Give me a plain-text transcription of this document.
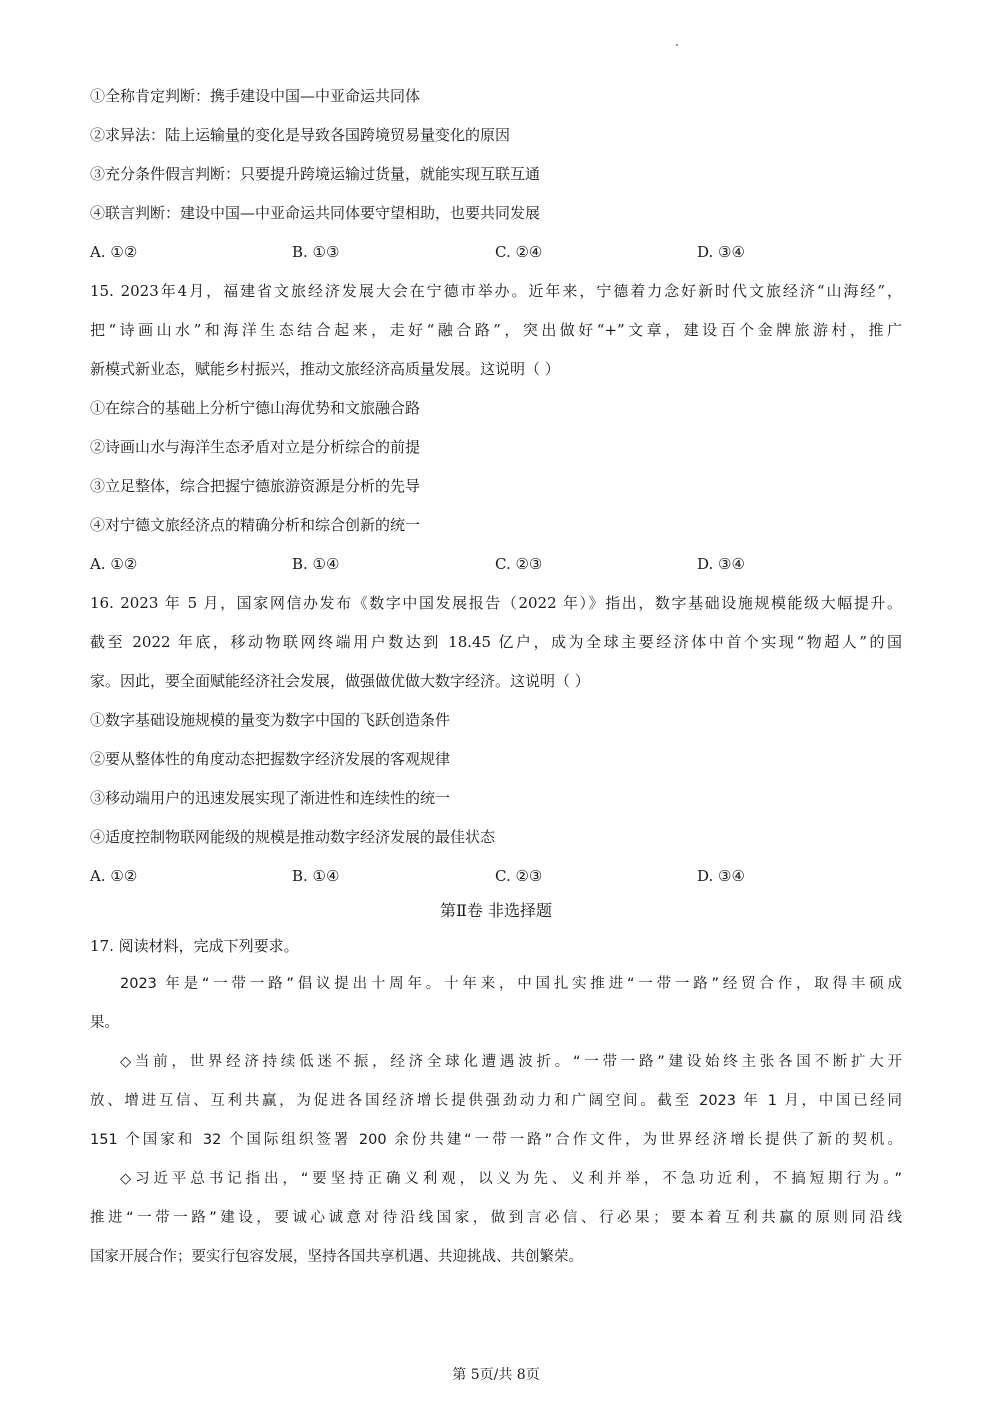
①全称肯定判断：携手建设中国—中亚命运共同体
②求异法：陆上运输量的变化是导致各国跨境贸易量变化的原因
③充分条件假言判断：只要提升跨境运输过货量，就能实现互联互通
④联言判断：建设中国—中亚命运共同体要守望相助，也要共同发展
A. ①②	B. ①③	C. ②④	D. ③④
15. 2023年4月，福建省文旅经济发展大会在宁德市举办。近年来，宁德着力念好新时代文旅经济“山海经”，
把“诗画山水”和海洋生态结合起来，走好“融合路”，突出做好“+”文章，建设百个金牌旅游村，推广
新模式新业态，赋能乡村振兴，推动文旅经济高质量发展。这说明（ ）
①在综合的基础上分析宁德山海优势和文旅融合路
②诗画山水与海洋生态矛盾对立是分析综合的前提
③立足整体，综合把握宁德旅游资源是分析的先导
④对宁德文旅经济点的精确分析和综合创新的统一
A. ①②	B. ①④	C. ②③	D. ③④
16. 2023 年 5 月，国家网信办发布《数字中国发展报告（2022 年）》指出，数字基础设施规模能级大幅提升。
截至 2022 年底，移动物联网终端用户数达到 18.45 亿户，成为全球主要经济体中首个实现“物超人”的国
家。因此，要全面赋能经济社会发展，做强做优做大数字经济。这说明（ ）
①数字基础设施规模的量变为数字中国的飞跃创造条件
②要从整体性的角度动态把握数字经济发展的客观规律
③移动端用户的迅速发展实现了渐进性和连续性的统一
④适度控制物联网能级的规模是推动数字经济发展的最佳状态
A. ①②	B. ①④	C. ②③	D. ③④
第Ⅱ卷 非选择题
17. 阅读材料，完成下列要求。
2023 年是“一带一路”倡议提出十周年。十年来，中国扎实推进“一带一路”经贸合作，取得丰硕成
果。
◇当前，世界经济持续低迷不振，经济全球化遭遇波折。“一带一路”建设始终主张各国不断扩大开
放、增进互信、互利共赢，为促进各国经济增长提供强劲动力和广阔空间。截至 2023 年 1 月，中国已经同
151 个国家和 32 个国际组织签署 200 余份共建“一带一路”合作文件，为世界经济增长提供了新的契机。
◇习近平总书记指出，“要坚持正确义利观，以义为先、义利并举，不急功近利，不搞短期行为。”
推进“一带一路”建设，要诚心诚意对待沿线国家，做到言必信、行必果；要本着互利共赢的原则同沿线
国家开展合作；要实行包容发展，坚持各国共享机遇、共迎挑战、共创繁荣。
第 5页/共 8页
